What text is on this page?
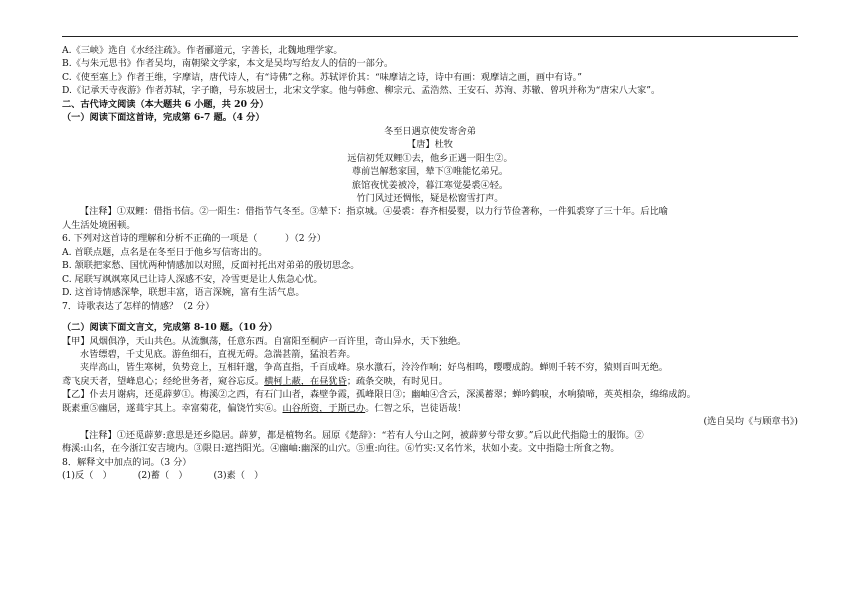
A.《三峡》选自《水经注疏》。作者郦道元，字善长，北魏地理学家。
B.《与朱元思书》作者吴均，南朝梁文学家，本文是吴均写给友人的信的一部分。
C.《使至塞上》作者王维，字摩诘，唐代诗人，有“诗佛”之称。苏轼评价其：“味摩诘之诗，诗中有画：观摩诘之画，画中有诗。”
D.《记承天寺夜游》作者苏轼，字子瞻，号东坡居士，北宋文学家。他与韩愈、柳宗元、孟浩然、王安石、苏洵、苏辙、曾巩并称为“唐宋八大家”。
二、古代诗文阅读（本大题共 6 小题，共 20 分）
（一）阅读下面这首诗，完成第 6-7 题。（4 分）
冬至日遇京使发寄舍弟
【唐】杜牧
远信初凭双鲤①去，他乡正遇一阳生②。
尊前岂解愁家国，辇下③唯能忆弟兄。
旅馆夜忧姜被冷，暮江寒觉晏裘④轻。
竹门风过还惆怅，疑是松窗雪打声。
【注释】①双鲤：借指书信。②一阳生：借指节气冬至。③辇下：指京城。④晏裘：春齐相晏婴，以力行节俭著称，一件狐裘穿了三十年。后比喻
人生活处境困顿。
6. 下列对这首诗的理解和分析不正确的一项是（　　　）（2 分）
A. 首联点题，点名是在冬至日于他乡写信寄出的。
B. 颔联把家愁、国忧两种情感加以对照，反面衬托出对弟弟的殷切思念。
C. 尾联写飒飒寒风已让诗人深感不安，冷雪更是让人焦急心忧。
D. 这首诗情感深挚，联想丰富，语言深婉，富有生活气息。
7．诗歌表达了怎样的情感？（2 分）
（二）阅读下面文言文，完成第 8-10 题。（10 分）
【甲】风烟俱净，天山共色。从流飘荡，任意东西。自富阳至桐庐一百许里，奇山异水，天下独绝。
水皆缥碧，千丈见底。游鱼细石，直视无碍。急湍甚箭，猛浪若奔。
夹岸高山，皆生寒树，负势竞上，互相轩邈，争高直指，千百成峰。泉水激石，泠泠作响；好鸟相鸣，嘤嘤成韵。蝉则千转不穷，猿则百叫无绝。
鸢飞戾天者，望峰息心；经纶世务者，窥谷忘反。横柯上蔽，在昼犹昏；疏条交映，有时见日。
【乙】仆去月谢病，还觅薜萝①。梅溪②之西，有石门山者，森壁争霞，孤峰限日③；幽岫④含云，深溪蓄翠；蝉吟鹤唳，水响猿啼，英英相杂，绵绵成韵。
既素重⑤幽居，遂葺宇其上。幸富菊花，偏饶竹实⑥。山谷所资，于斯已办。仁智之乐，岂徒语哉！
(选自吴均《与顾章书》)
【注释】①还觅薜萝:意思是还乡隐居。薜萝，都是植物名。屈原《楚辞》：“若有人兮山之阿，被薜萝兮带女萝。”后以此代指隐士的服饰。②
梅溪:山名，在今浙江安吉境内。③限日:遮挡阳光。④幽岫:幽深的山穴。⑤重:向往。⑥竹实:又名竹米，状如小麦。文中指隐士所食之物。
8．解释文中加点的词。（3 分）
(1)反（　）	(2)蓄（　）	(3)素（　）
